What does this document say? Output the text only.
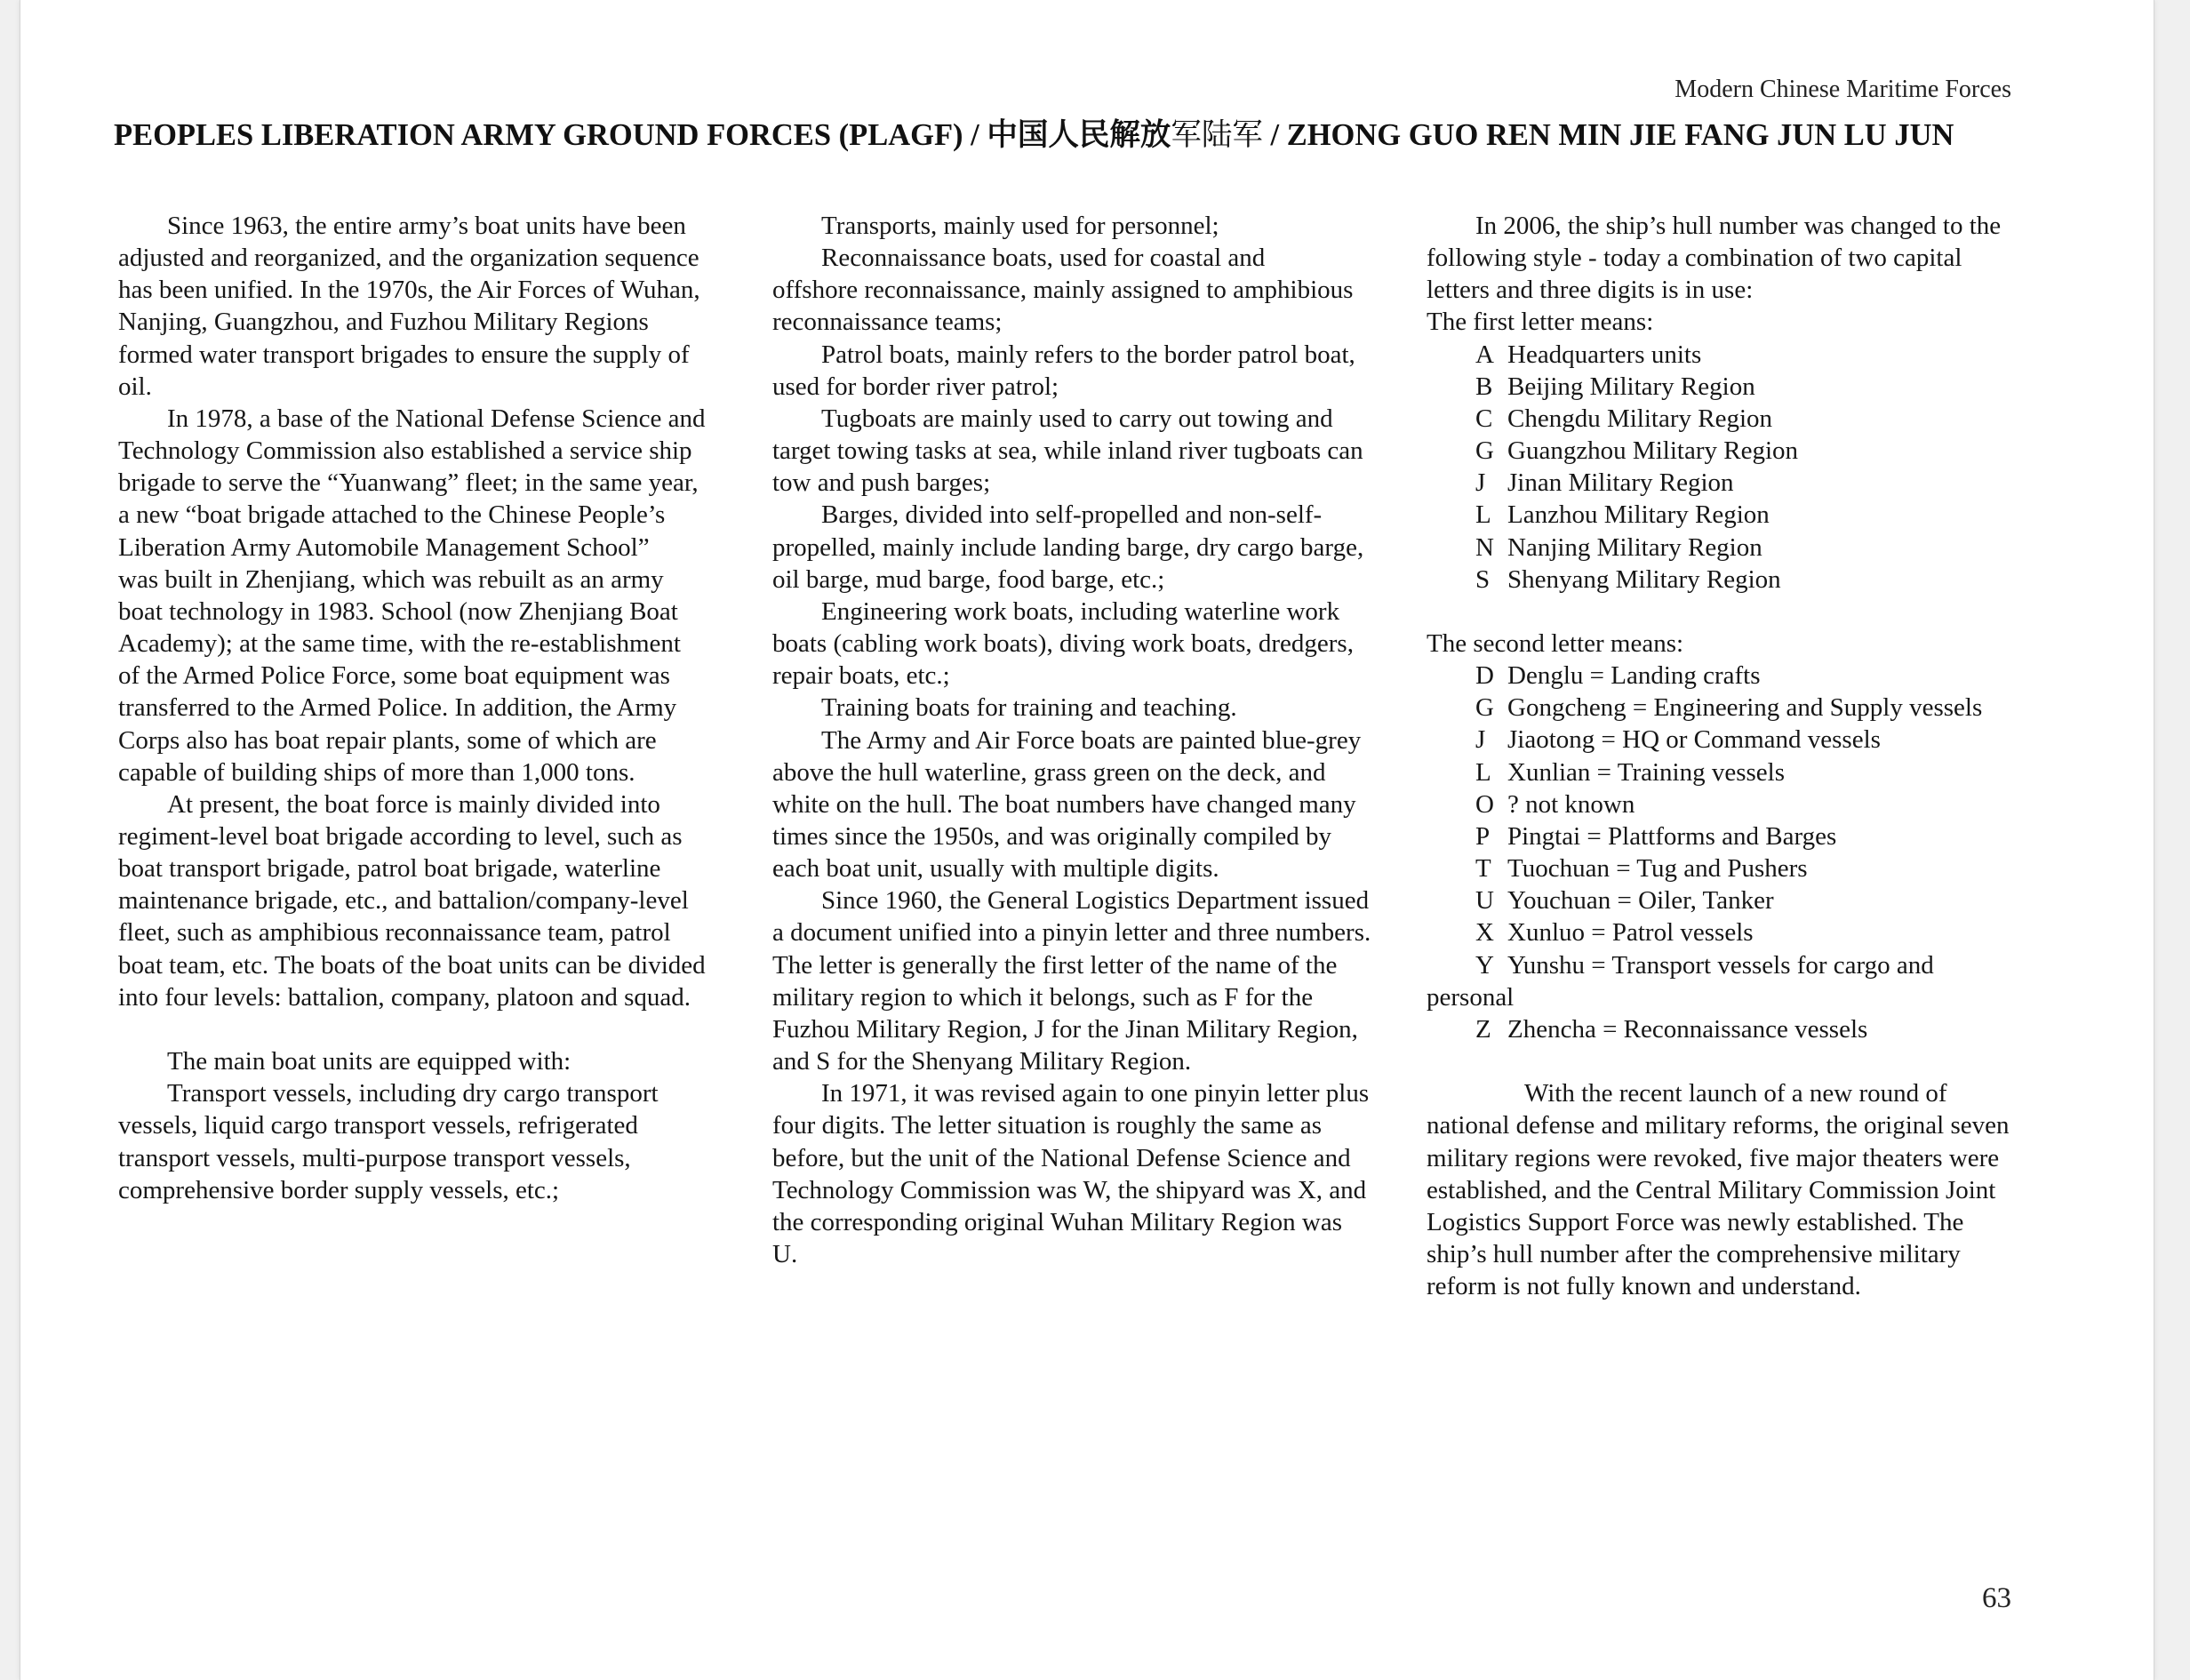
Modern Chinese Maritime Forces
PEOPLES LIBERATION ARMY GROUND FORCES (PLAGF) / 中国人民解放军陆军 / ZHONG GUO REN MIN JIE FANG JUN LU JUN

Since 1963, the entire army’s boat units have been

adjusted and reorganized, and the organization sequence

has been unified. In the 1970s, the Air Forces of Wuhan,

Nanjing, Guangzhou, and Fuzhou Military Regions

formed water transport brigades to ensure the supply of

oil.

In 1978, a base of the National Defense Science and

Technology Commission also established a service ship

brigade to serve the “Yuanwang” fleet; in the same year,

a new “boat brigade attached to the Chinese People’s

Liberation Army Automobile Management School”

was built in Zhenjiang, which was rebuilt as an army

boat technology in 1983. School (now Zhenjiang Boat

Academy); at the same time, with the re-establishment

of the Armed Police Force, some boat equipment was

transferred to the Armed Police. In addition, the Army

Corps also has boat repair plants, some of which are

capable of building ships of more than 1,000 tons.

At present, the boat force is mainly divided into

regiment-level boat brigade according to level, such as

boat transport brigade, patrol boat brigade, waterline

maintenance brigade, etc., and battalion/company-level

fleet, such as amphibious reconnaissance team, patrol

boat team, etc. The boats of the boat units can be divided

into four levels: battalion, company, platoon and squad.

The main boat units are equipped with:

Transport vessels, including dry cargo transport

vessels, liquid cargo transport vessels, refrigerated

transport vessels, multi-purpose transport vessels,

comprehensive border supply vessels, etc.;

Transports, mainly used for personnel;

Reconnaissance boats, used for coastal and

offshore reconnaissance, mainly assigned to amphibious

reconnaissance teams;

Patrol boats, mainly refers to the border patrol boat,

used for border river patrol;

Tugboats are mainly used to carry out towing and

target towing tasks at sea, while inland river tugboats can

tow and push barges;

Barges, divided into self-propelled and non-self-

propelled, mainly include landing barge, dry cargo barge,

oil barge, mud barge, food barge, etc.;

Engineering work boats, including waterline work

boats (cabling work boats), diving work boats, dredgers,

repair boats, etc.;

Training boats for training and teaching.

The Army and Air Force boats are painted blue-grey

above the hull waterline, grass green on the deck, and

white on the hull. The boat numbers have changed many

times since the 1950s, and was originally compiled by

each boat unit, usually with multiple digits.

Since 1960, the General Logistics Department issued

a document unified into a pinyin letter and three numbers.

The letter is generally the first letter of the name of the

military region to which it belongs, such as F for the

Fuzhou Military Region, J for the Jinan Military Region,

and S for the Shenyang Military Region.

In 1971, it was revised again to one pinyin letter plus

four digits. The letter situation is roughly the same as

before, but the unit of the National Defense Science and

Technology Commission was W, the shipyard was X, and

the corresponding original Wuhan Military Region was

U.

In 2006, the ship’s hull number was changed to the

following style - today a combination of two capital

letters and three digits is in use:

The first letter means:

A Headquarters units

B Beijing Military Region

C Chengdu Military Region

G Guangzhou Military Region

J Jinan Military Region

L Lanzhou Military Region

N Nanjing Military Region

S Shenyang Military Region

The second letter means:

D Denglu = Landing crafts

G Gongcheng = Engineering and Supply vessels

J Jiaotong = HQ or Command vessels

L Xunlian = Training vessels

O ? not known

P Pingtai = Plattforms and Barges

T Tuochuan = Tug and Pushers

U Youchuan = Oiler, Tanker

X Xunluo = Patrol vessels

Y Yunshu = Transport vessels for cargo and

personal

Z Zhencha = Reconnaissance vessels

With the recent launch of a new round of

national defense and military reforms, the original seven

military regions were revoked, five major theaters were

established, and the Central Military Commission Joint

Logistics Support Force was newly established. The

ship’s hull number after the comprehensive military

reform is not fully known and understand.

63
